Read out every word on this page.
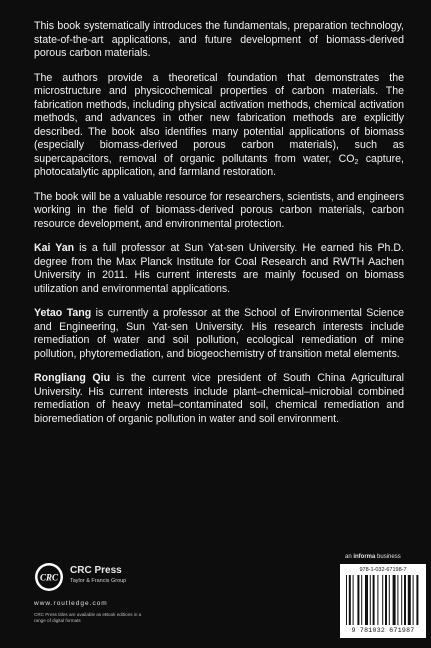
This book systematically introduces the fundamentals, preparation technology, state-of-the-art applications, and future development of biomass-derived porous carbon materials.

The authors provide a theoretical foundation that demonstrates the microstructure and physicochemical properties of carbon materials. The fabrication methods, including physical activation methods, chemical activation methods, and advances in other new fabrication methods are explicitly described. The book also identifies many potential applications of biomass (especially biomass-derived porous carbon materials), such as supercapacitors, removal of organic pollutants from water, $CO_2$ capture, photocatalytic application, and farmland restoration.

The book will be a valuable resource for researchers, scientists, and engineers working in the field of biomass-derived porous carbon materials, carbon resource development, and environmental protection.

Kai Yan is a full professor at Sun Yat-sen University. He earned his Ph.D. degree from the Max Planck Institute for Coal Research and RWTH Aachen University in 2011. His current interests are mainly focused on biomass utilization and environmental applications.

Yetao Tang is currently a professor at the School of Environmental Science and Engineering, Sun Yat-sen University. His research interests include remediation of water and soil pollution, ecological remediation of mine pollution, phytoremediation, and biogeochemistry of transition metal elements.

Rongliang Qiu is the current vice president of South China Agricultural University. His current interests include plant–chemical–microbial combined remediation of heavy metal–contaminated soil, chemical remediation and bioremediation of organic pollution in water and soil environment.

CRC
CRC Press
Taylor & Francis Group
www.routledge.com
CRC Press titles are available as eBook editions in a range of digital formats
an informa business
978-1-032-67198-7
9 781032 671987
